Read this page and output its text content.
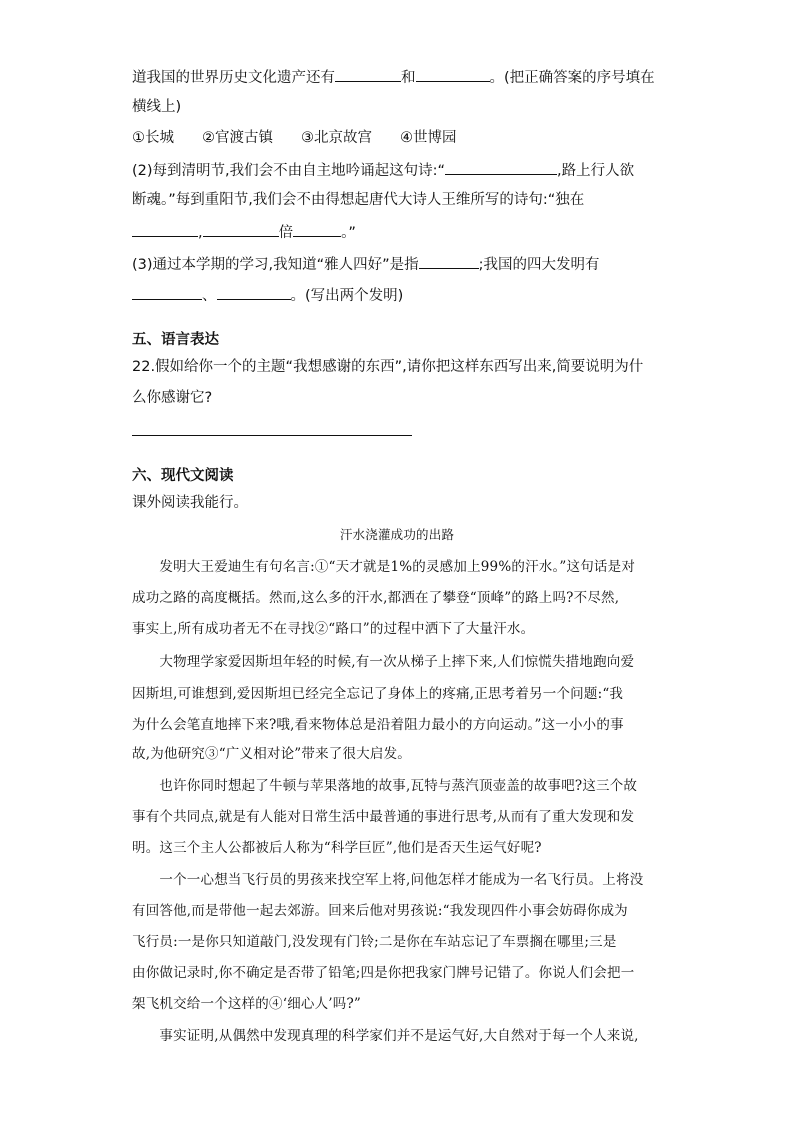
道我国的世界历史文化遗产还有	和	。(把正确答案的序号填在
横线上)
①长城 ②官渡古镇 ③北京故宫 ④世博园
(2)每到清明节,我们会不由自主地吟诵起这句诗:“	,路上行人欲
断魂。”每到重阳节,我们会不由得想起唐代大诗人王维所写的诗句:“独在
,	倍	。”
(3)通过本学期的学习,我知道“雅人四好”是指	;我国的四大发明有
、	。(写出两个发明)
五、语言表达
22.假如给你一个的主题“我想感谢的东西”,请你把这样东西写出来,简要说明为什
么你感谢它?
六、现代文阅读
课外阅读我能行。
汗水浇灌成功的出路
　　发明大王爱迪生有句名言:①“天才就是1%的灵感加上99%的汗水。”这句话是对
成功之路的高度概括。然而,这么多的汗水,都洒在了攀登“顶峰”的路上吗?不尽然,
事实上,所有成功者无不在寻找②“路口”的过程中洒下了大量汗水。
　　大物理学家爱因斯坦年轻的时候,有一次从梯子上摔下来,人们惊慌失措地跑向爱
因斯坦,可谁想到,爱因斯坦已经完全忘记了身体上的疼痛,正思考着另一个问题:“我
为什么会笔直地摔下来?哦,看来物体总是沿着阻力最小的方向运动。”这一小小的事
故,为他研究③“广义相对论”带来了很大启发。
　　也许你同时想起了牛顿与苹果落地的故事,瓦特与蒸汽顶壶盖的故事吧?这三个故
事有个共同点,就是有人能对日常生活中最普通的事进行思考,从而有了重大发现和发
明。这三个主人公都被后人称为“科学巨匠”,他们是否天生运气好呢?
　　一个一心想当飞行员的男孩来找空军上将,问他怎样才能成为一名飞行员。上将没
有回答他,而是带他一起去郊游。回来后他对男孩说:“我发现四件小事会妨碍你成为
飞行员:一是你只知道敲门,没发现有门铃;二是你在车站忘记了车票搁在哪里;三是
由你做记录时,你不确定是否带了铅笔;四是你把我家门牌号记错了。你说人们会把一
架飞机交给一个这样的④‘细心人’吗?”
　　事实证明,从偶然中发现真理的科学家们并不是运气好,大自然对于每一个人来说,
